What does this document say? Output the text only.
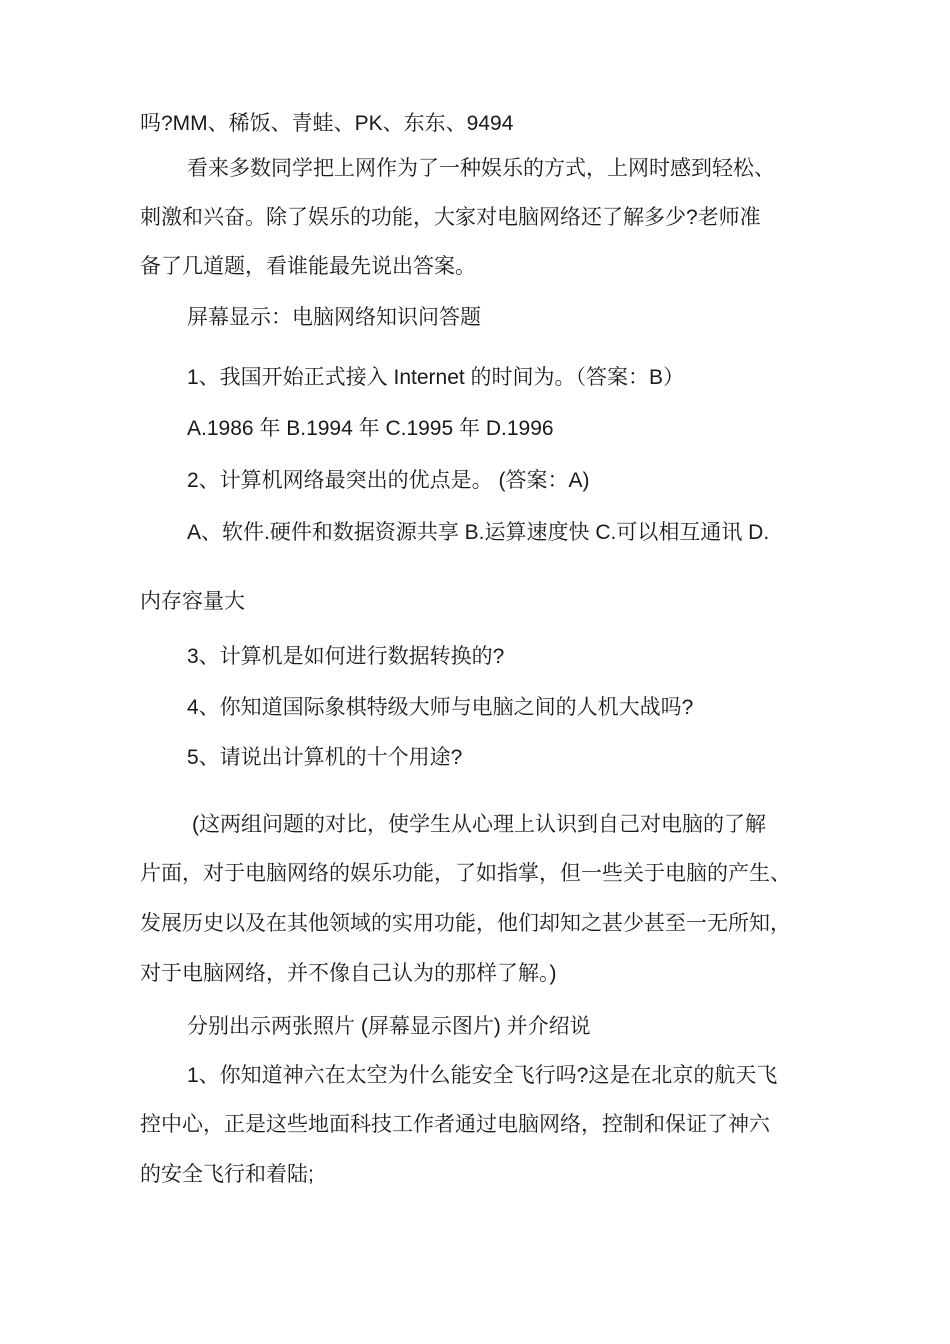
吗?MM、稀饭、青蛙、PK、东东、9494
看来多数同学把上网作为了一种娱乐的方式，上网时感到轻松、
刺激和兴奋。除了娱乐的功能，大家对电脑网络还了解多少?老师准
备了几道题，看谁能最先说出答案。
屏幕显示：电脑网络知识问答题
1、我国开始正式接入 Internet 的时间为。（答案：B）
A.1986 年 B.1994 年 C.1995 年 D.1996
2、计算机网络最突出的优点是。 (答案：A)
A、软件.硬件和数据资源共享 B.运算速度快 C.可以相互通讯 D.
内存容量大
3、计算机是如何进行数据转换的?
4、你知道国际象棋特级大师与电脑之间的人机大战吗?
5、请说出计算机的十个用途?
(这两组问题的对比，使学生从心理上认识到自己对电脑的了解
片面，对于电脑网络的娱乐功能，了如指掌，但一些关于电脑的产生、
发展历史以及在其他领域的实用功能，他们却知之甚少甚至一无所知，
对于电脑网络，并不像自己认为的那样了解。)
分别出示两张照片 (屏幕显示图片) 并介绍说
1、你知道神六在太空为什么能安全飞行吗?这是在北京的航天飞
控中心，正是这些地面科技工作者通过电脑网络，控制和保证了神六
的安全飞行和着陆;
